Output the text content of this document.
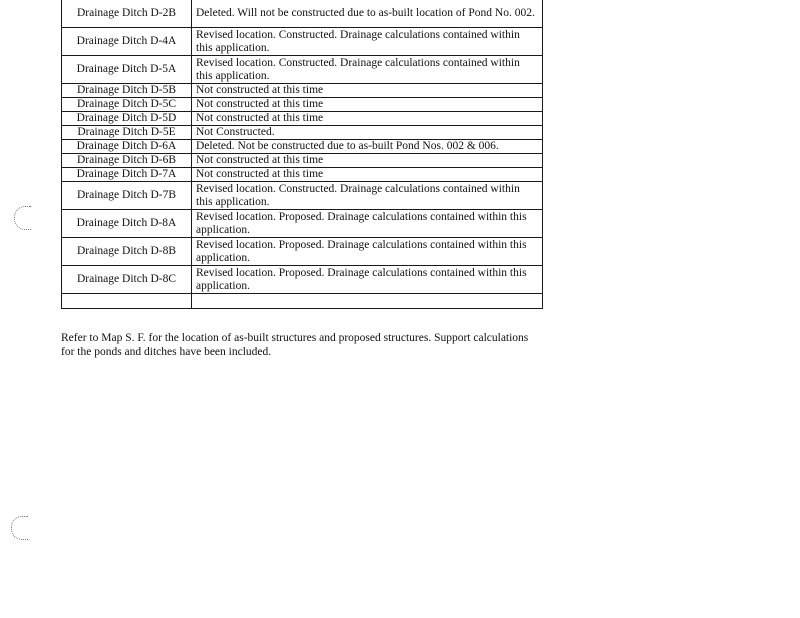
Drainage Ditch D-2B	Deleted. Will not be constructed due to as-built location of Pond No. 002.
Drainage Ditch D-4A	Revised location. Constructed. Drainage calculations contained within this application.
Drainage Ditch D-5A	Revised location. Constructed. Drainage calculations contained within this application.
Drainage Ditch D-5B	Not constructed at this time
Drainage Ditch D-5C	Not constructed at this time
Drainage Ditch D-5D	Not constructed at this time
Drainage Ditch D-5E	Not Constructed.
Drainage Ditch D-6A	Deleted. Not be constructed due to as-built Pond Nos. 002 & 006.
Drainage Ditch D-6B	Not constructed at this time
Drainage Ditch D-7A	Not constructed at this time
Drainage Ditch D-7B	Revised location. Constructed. Drainage calculations contained within this application.
Drainage Ditch D-8A	Revised location. Proposed. Drainage calculations contained within this application.
Drainage Ditch D-8B	Revised location. Proposed. Drainage calculations contained within this application.
Drainage Ditch D-8C	Revised location. Proposed. Drainage calculations contained within this application.

Refer to Map S. F. for the location of as-built structures and proposed structures. Support calculations for the ponds and ditches have been included.
